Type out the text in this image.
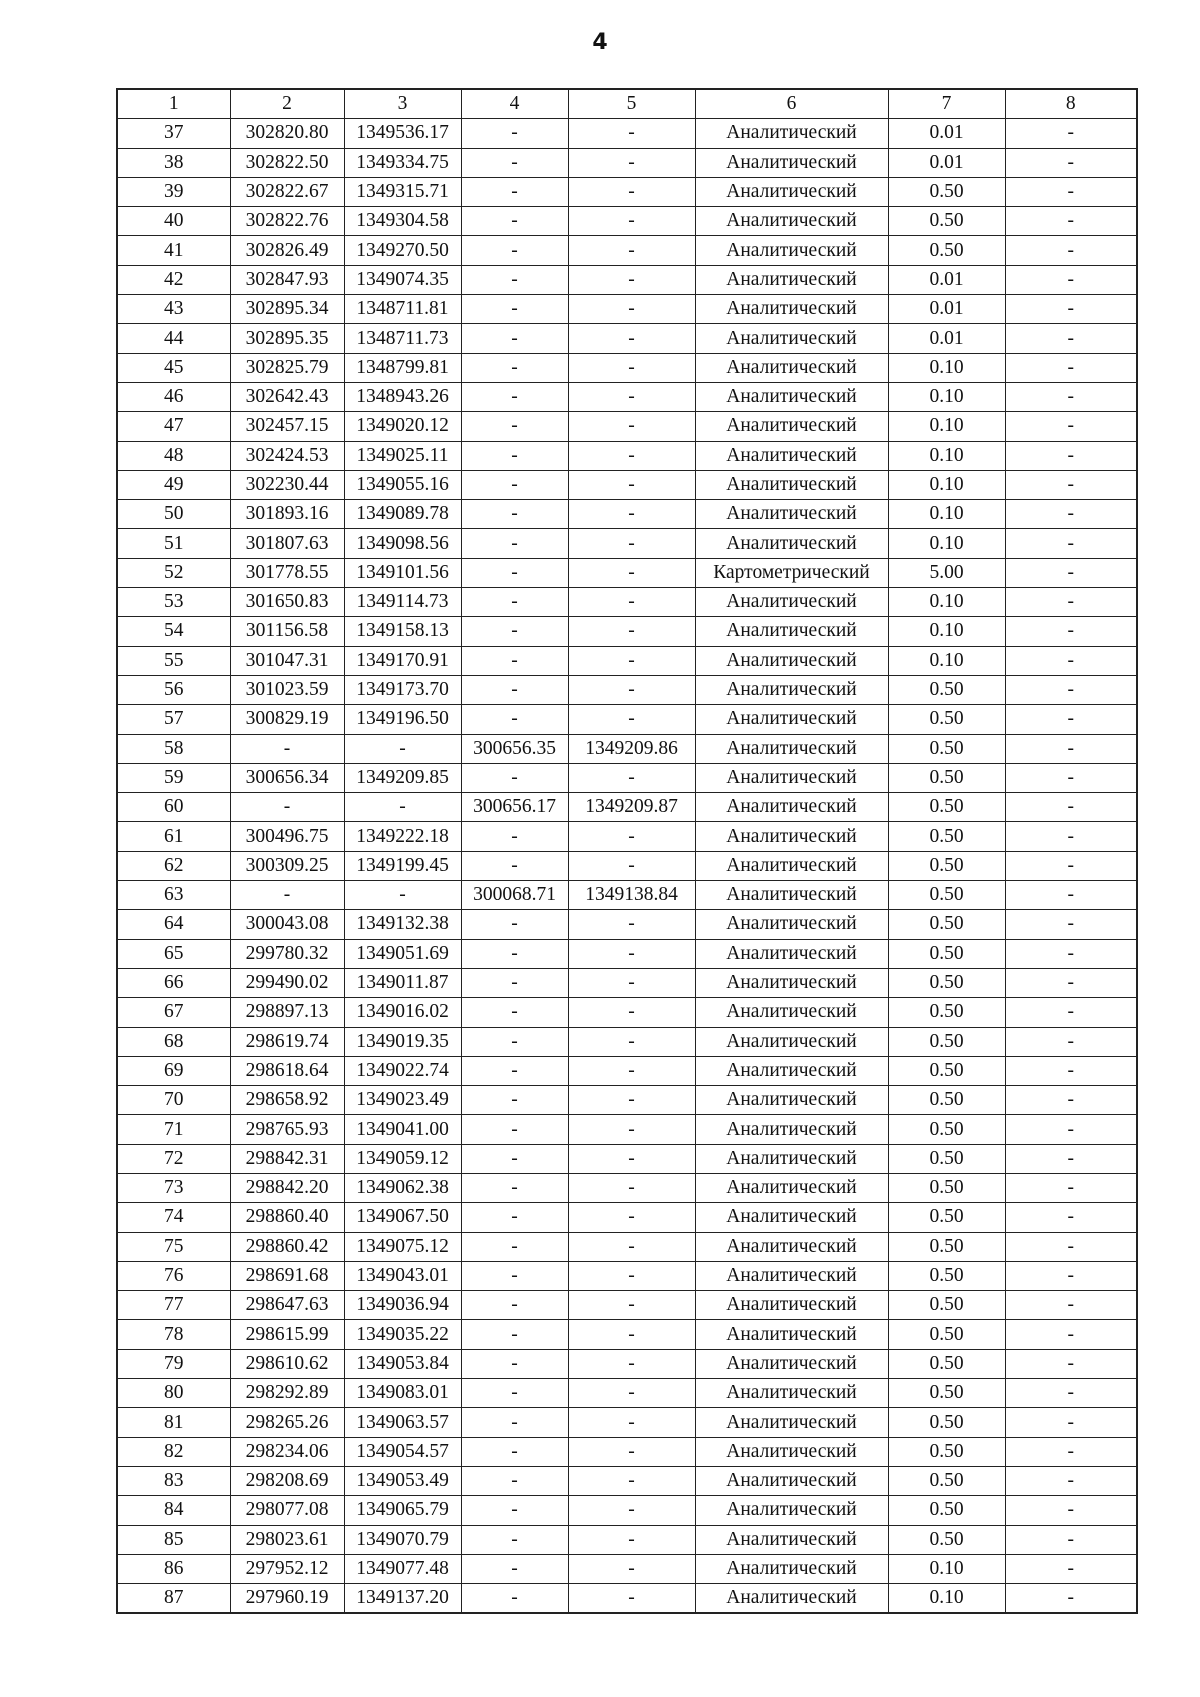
4
1	2	3	4	5	6	7	8
37	302820.80	1349536.17	-	-	Аналитический	0.01	-
38	302822.50	1349334.75	-	-	Аналитический	0.01	-
39	302822.67	1349315.71	-	-	Аналитический	0.50	-
40	302822.76	1349304.58	-	-	Аналитический	0.50	-
41	302826.49	1349270.50	-	-	Аналитический	0.50	-
42	302847.93	1349074.35	-	-	Аналитический	0.01	-
43	302895.34	1348711.81	-	-	Аналитический	0.01	-
44	302895.35	1348711.73	-	-	Аналитический	0.01	-
45	302825.79	1348799.81	-	-	Аналитический	0.10	-
46	302642.43	1348943.26	-	-	Аналитический	0.10	-
47	302457.15	1349020.12	-	-	Аналитический	0.10	-
48	302424.53	1349025.11	-	-	Аналитический	0.10	-
49	302230.44	1349055.16	-	-	Аналитический	0.10	-
50	301893.16	1349089.78	-	-	Аналитический	0.10	-
51	301807.63	1349098.56	-	-	Аналитический	0.10	-
52	301778.55	1349101.56	-	-	Картометрический	5.00	-
53	301650.83	1349114.73	-	-	Аналитический	0.10	-
54	301156.58	1349158.13	-	-	Аналитический	0.10	-
55	301047.31	1349170.91	-	-	Аналитический	0.10	-
56	301023.59	1349173.70	-	-	Аналитический	0.50	-
57	300829.19	1349196.50	-	-	Аналитический	0.50	-
58	-	-	300656.35	1349209.86	Аналитический	0.50	-
59	300656.34	1349209.85	-	-	Аналитический	0.50	-
60	-	-	300656.17	1349209.87	Аналитический	0.50	-
61	300496.75	1349222.18	-	-	Аналитический	0.50	-
62	300309.25	1349199.45	-	-	Аналитический	0.50	-
63	-	-	300068.71	1349138.84	Аналитический	0.50	-
64	300043.08	1349132.38	-	-	Аналитический	0.50	-
65	299780.32	1349051.69	-	-	Аналитический	0.50	-
66	299490.02	1349011.87	-	-	Аналитический	0.50	-
67	298897.13	1349016.02	-	-	Аналитический	0.50	-
68	298619.74	1349019.35	-	-	Аналитический	0.50	-
69	298618.64	1349022.74	-	-	Аналитический	0.50	-
70	298658.92	1349023.49	-	-	Аналитический	0.50	-
71	298765.93	1349041.00	-	-	Аналитический	0.50	-
72	298842.31	1349059.12	-	-	Аналитический	0.50	-
73	298842.20	1349062.38	-	-	Аналитический	0.50	-
74	298860.40	1349067.50	-	-	Аналитический	0.50	-
75	298860.42	1349075.12	-	-	Аналитический	0.50	-
76	298691.68	1349043.01	-	-	Аналитический	0.50	-
77	298647.63	1349036.94	-	-	Аналитический	0.50	-
78	298615.99	1349035.22	-	-	Аналитический	0.50	-
79	298610.62	1349053.84	-	-	Аналитический	0.50	-
80	298292.89	1349083.01	-	-	Аналитический	0.50	-
81	298265.26	1349063.57	-	-	Аналитический	0.50	-
82	298234.06	1349054.57	-	-	Аналитический	0.50	-
83	298208.69	1349053.49	-	-	Аналитический	0.50	-
84	298077.08	1349065.79	-	-	Аналитический	0.50	-
85	298023.61	1349070.79	-	-	Аналитический	0.50	-
86	297952.12	1349077.48	-	-	Аналитический	0.10	-
87	297960.19	1349137.20	-	-	Аналитический	0.10	-
